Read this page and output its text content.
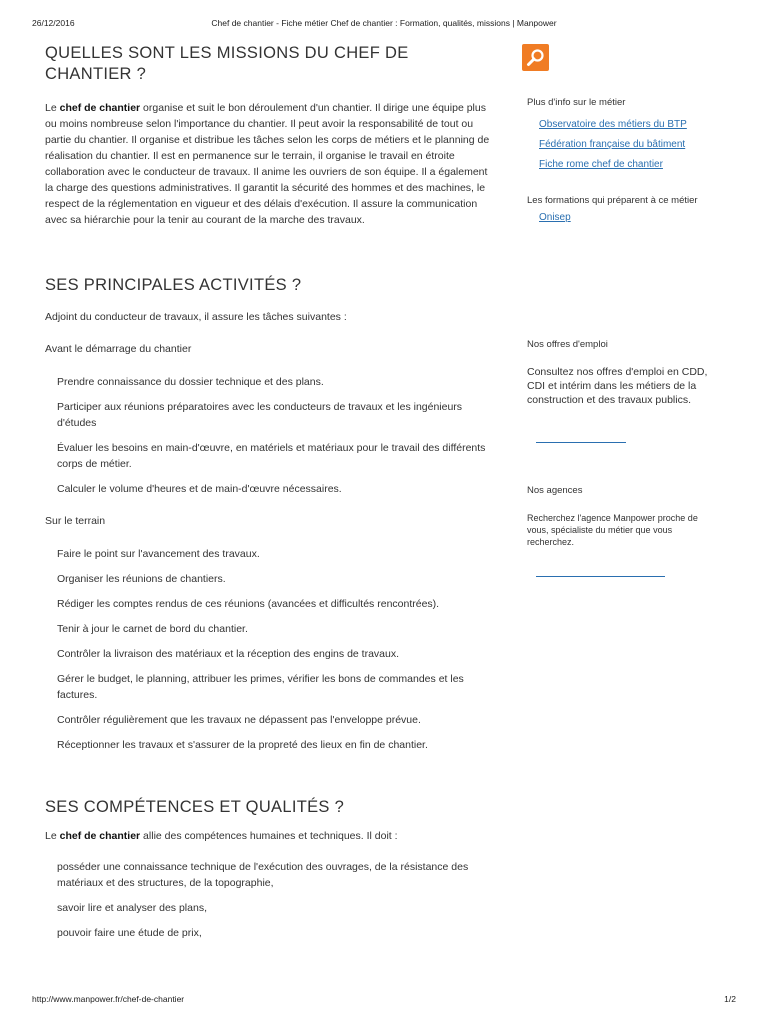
26/12/2016	Chef de chantier - Fiche métier Chef de chantier : Formation, qualités, missions | Manpower
QUELLES SONT LES MISSIONS DU CHEF DE
CHANTIER ?

Le chef de chantier organise et suit le bon déroulement d'un chantier. Il dirige une équipe plus ou moins nombreuse selon l'importance du chantier. Il peut avoir la responsabilité de tout ou partie du chantier. Il organise et distribue les tâches selon les corps de métiers et le planning de réalisation du chantier. Il est en permanence sur le terrain, il organise le travail en étroite collaboration avec le conducteur de travaux. Il anime les ouvriers de son équipe. Il a également la charge des questions administratives. Il garantit la sécurité des hommes et des machines, le respect de la réglementation en vigueur et des délais d'exécution. Il assure la communication avec sa hiérarchie pour la tenir au courant de la marche des travaux.

SES PRINCIPALES ACTIVITÉS ?

Adjoint du conducteur de travaux, il assure les tâches suivantes :

Avant le démarrage du chantier

Prendre connaissance du dossier technique et des plans.

Participer aux réunions préparatoires avec les conducteurs de travaux et les ingénieurs d'études

Évaluer les besoins en main-d'œuvre, en matériels et matériaux pour le travail des différents corps de métier.

Calculer le volume d'heures et de main-d'œuvre nécessaires.

Sur le terrain

Faire le point sur l'avancement des travaux.

Organiser les réunions de chantiers.

Rédiger les comptes rendus de ces réunions (avancées et difficultés rencontrées).

Tenir à jour le carnet de bord du chantier.

Contrôler la livraison des matériaux et la réception des engins de travaux.

Gérer le budget, le planning, attribuer les primes, vérifier les bons de commandes et les factures.

Contrôler régulièrement que les travaux ne dépassent pas l'enveloppe prévue.

Réceptionner les travaux et s'assurer de la propreté des lieux en fin de chantier.

SES COMPÉTENCES ET QUALITÉS ?

Le chef de chantier allie des compétences humaines et techniques. Il doit :

posséder une connaissance technique de l'exécution des ouvrages, de la résistance des matériaux et des structures, de la topographie,

savoir lire et analyser des plans,

pouvoir faire une étude de prix,

Plus d'info sur le métier
Observatoire des métiers du BTP
Fédération française du bâtiment
Fiche rome chef de chantier
Les formations qui préparent à ce métier
Onisep
Nos offres d'emploi

Consultez nos offres d'emploi en CDD, CDI et intérim dans les métiers de la construction et des travaux publics.

Nos agences

Recherchez l'agence Manpower proche de vous, spécialiste du métier que vous recherchez.

http://www.manpower.fr/chef-de-chantier	1/2
